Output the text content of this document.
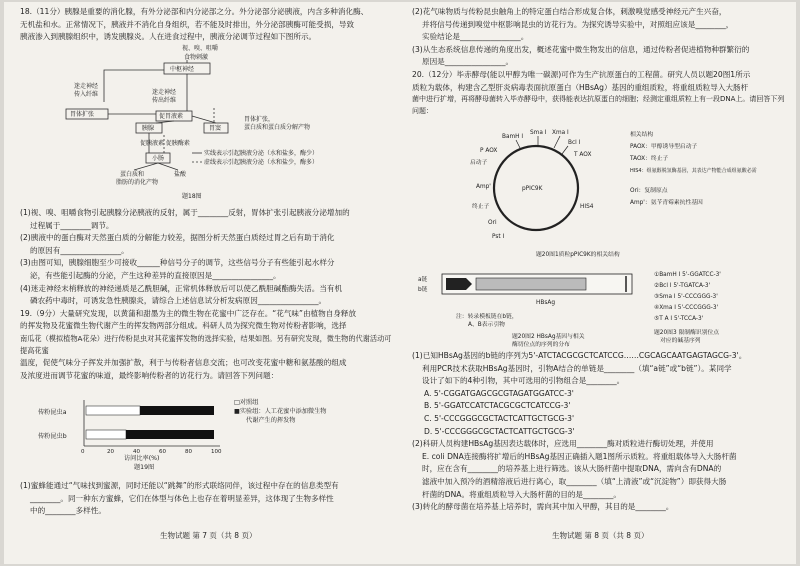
18.（11分）胰腺是重要的消化腺，有外分泌部和内分泌部之分。外分泌部分泌胰液，内含多种消化酶、

无机盐和水。正常情况下，胰液并不消化自身组织，若不能及时排出，外分泌部胰酶可能受损，导致

胰液渗入到胰腺组织中，诱发胰腺炎。人在进食过程中，胰液分泌调节过程如下图所示。

视、嗅、咀嚼
食物刺激
中枢神经
迷走神经
传入纤维	迷走神经
传出纤维
胃体扩张	促胃液素
胰腺	胃窦
胃体扩张，
蛋白质和蛋白质分解产物
促胰液素 促胰酶素
小肠
实线表示引起胰液分泌（水和盐多，酶少）
虚线表示引起胰液分泌（水和盐少，酶多）
蛋白质和
脂肪的消化产物
盐酸
题18图

(1)视、嗅、咀嚼食物引起胰腺分泌胰液的反射，属于________反射，胃体扩张引起胰液分泌增加的

过程属于________调节。

(2)胰液中的蛋白酶对天然蛋白质的分解能力较差，据图分析天然蛋白质经过胃之后有助于消化

的原因有________________。

(3)由图可知，胰腺细胞至少可接收______种信号分子的调节，这些信号分子有些能引起水样分

泌，有些能引起酶的分泌，产生这种差异的直接原因是________________。

(4)迷走神经末梢释放的神经递质是乙酰胆碱，正常机体释放后可以使乙酰胆碱酯酶失活。当有机

磷农药中毒时，可诱发急性胰腺炎，请综合上述信息试分析发病原因________________。

19.（9分）大量研究发现，以黄蒲和甜墨为主的微生物在花蜜中广泛存在。“花气味”由植物自身释放

的挥发物及花蜜微生物代谢产生的挥发物两部分组成。科研人员为探究微生物对传粉者影响，选择

南瓜花（模拟植物A花朵）进行传粉昆虫对其花蜜挥发物的选择实验，结果如图。另有研究发现，微生物的代谢活动可提高花蜜

温度，促使气味分子挥发并加强扩散，利于与传粉者信息交流；也可改变花蜜中糖和氨基酸的组成

及浓度进而调节花蜜的味道，最终影响传粉者的访花行为。请回答下列问题：

传粉昆虫a
传粉昆虫b
□对照组
■实验组：人工花蜜中添加微生物
代谢产生的挥发物
访问比率(%)
题19图
0	20	40	60	80	100

(1)蜜蜂能通过“气味找到蜜源，同时还能以“跳舞”的形式联络同伴，该过程中存在的信息类型有

________。同一种东方蜜蜂，它们在体型与体色上也存在着明显差异，这体现了生物多样性

中的________多样性。

生物试题 第 7 页（共 8 页）

(2)花气味物质与传粉昆虫触角上的特定蛋白结合形成复合体，刺激嗅觉感受神经元产生兴奋，

并将信号传递到嗅觉中枢影响昆虫的访花行为。为探究诱导实验中，对照组应该是________，

实验结论是________________。

(3)从生态系统信息传递的角度出发，概述花蜜中微生物发出的信息，通过传粉者促进植物种群繁衍的

原因是________________。

20.（12分）毕赤酵母(能以甲醇为唯一碳源)可作为生产抗原蛋白的工程菌。研究人员以题20图1所示

质粒为载体，构建含乙型肝炎病毒表面抗原蛋白（HBsAg）基因的重组质粒，将重组质粒导入大肠杆

菌中进行扩增，再将酵母菌转入毕赤酵母中，获得能表达抗原蛋白的细胞；经测定重组质粒上有一段DNA上。请回答下列问题：

pPIC9K
BamH I
Sma I Xma I
Bcl I
T AOX
P AOX
启动子
Amp'
终止子
Ori
Pst I
HIS4
相关结构
PAOX：甲醇诱导型启动子
TAOX：终止子
HIS4：组氨醇脱氢酶基因，其表达产物能合成组氨酸必需
Ori：复制原点
Amp'：氨苄青霉素抗性基因
题20图1质粒pPIC9K的相关结构
a链
b链
HBsAg
注：转录模板链在b链，
A、B表示引物
题20图2 HBsAg基因与相关
酶切位点的序列的分布
①BamH I 5'-GGATCC-3'
②Bcl I 5'-TGATCA-3'
③Sma I 5'-CCCGGG-3'
④Xma I 5'-CCCGGG-3'
⑤T A I 5'-TCCA-3'
题20图3 限制酶识别位点
对应的碱基序列

(1)已知HBsAg基因的b链的序列为5'-ATCTACGCGCTCATCCG……CGCAGCAATGAGTAGCG-3'。

利用PCR技术获取HBsAg基因时，引物A结合的单链是________（填“a链”或“b链”）。某同学

设计了如下的4种引物，其中可选用的引物组合是________。

A. 5'-CGGATGAGCGCGTAGATGGATCC-3'

B. 5'-GGATCCATCTACGCGCTCATCCG-3'

C. 5'-CCCGGGCGCTACTCATTGCTGCG-3'

D. 5'-CCCGGGCGCTACTCATTGCTGCG-3'

(2)科研人员构建HBsAg基因表达载体时，应选用________酶对质粒进行酶切处理，并使用

E. coli DNA连接酶将扩增后的HBsAg基因正确插入题1图所示质粒。将重组载体导入大肠杆菌

时，应在含有________的培养基上进行筛选。该从大肠杆菌中提取DNA，需向含有DNA的

滤液中加入预冷的酒精溶液后进行离心，取________（填“上清液”或“沉淀物”）即获得大肠

杆菌的DNA。将重组质粒导入大肠杆菌的目的是________。

(3)转化的酵母菌在培养基上培养时，需向其中加入甲醇，其目的是________。

生物试题 第 8 页（共 8 页）
